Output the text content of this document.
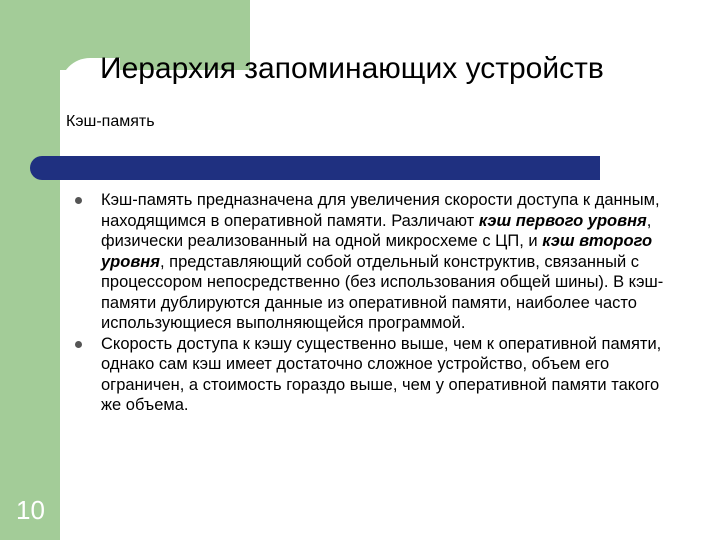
Иерархия запоминающих устройств
Кэш-память
Кэш-память предназначена для увеличения скорости доступа к данным, находящимся в оперативной памяти. Различают кэш первого уровня, физически реализованный на одной микросхеме с ЦП, и кэш второго уровня, представляющий собой отдельный конструктив, связанный с процессором непосредственно (без использования общей шины). В кэш-памяти дублируются данные из оперативной памяти, наиболее часто использующиеся выполняющейся программой.
Скорость доступа к кэшу существенно выше, чем к оперативной памяти, однако сам кэш имеет достаточно сложное устройство, объем его ограничен, а стоимость гораздо выше, чем у оперативной памяти такого же объема.
10
